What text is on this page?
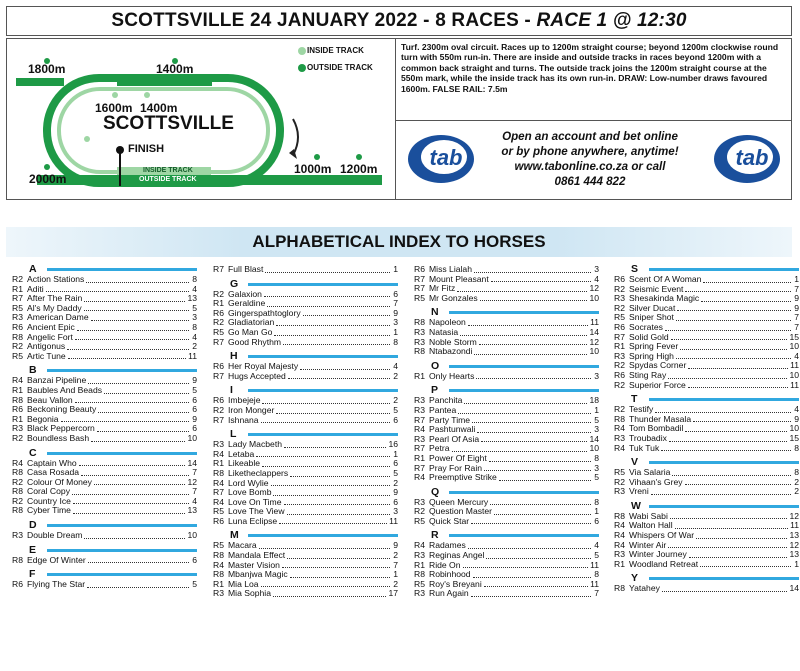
SCOTTSVILLE 24 JANUARY 2022 - 8 RACES - RACE 1 @ 12:30
1800m	1400m
1600m 1400m
1950m
2000m
1000m 1200m
INSIDE TRACK
OUTSIDE TRACK
SCOTTSVILLE
FINISH
INSIDE TRACK
OUTSIDE TRACK
Turf. 2300m oval circuit. Races up to 1200m straight course; beyond 1200m clockwise round turn with 550m run-in. There are inside and outside tracks in races beyond 1200m with a common back straight and turns. The outside track joins the 1200m straight course at the 550m mark, while the inside track has its own run-in. DRAW: Low-number draws favoured 1600m. FALSE RAIL: 7.5m
tab
Open an account and bet online
or by phone anywhere, anytime!
www.tabonline.co.za or call
0861 444 822
tab
ALPHABETICAL INDEX TO HORSES
A
R2 Action Stations	8
R1 Aditi	4
R7 After The Rain	13
R5 Al's My Daddy	5
R3 American Dame	3
R6 Ancient Epic	8
R8 Angelic Fort	4
R2 Antigonus	2
R5 Artic Tune	11
B
R4 Banzai Pipeline	9
R1 Baubles And Beads	5
R8 Beau Vallon	6
R6 Beckoning Beauty	6
R1 Begonia	9
R3 Black Peppercorn	6
R2 Boundless Bash	10
C
R4 Captain Who	14
R8 Casa Rosada	7
R2 Colour Of Money	12
R8 Coral Copy	7
R2 Country Ice	4
R8 Cyber Time	13
D
R3 Double Dream	10
E
R8 Edge Of Winter	6
F
R6 Flying The Star	5
R7 Full Blast	1
G
R2 Galaxion	6
R1 Geraldine	7
R6 Gingerspathtoglory	9
R2 Gladiatorian	3
R5 Go Man Go	1
R7 Good Rhythm	8
H
R6 Her Royal Majesty	4
R7 Hugs Accepted	2
I
R6 Imbejeje	2
R2 Iron Monger	5
R7 Ishnana	6
L
R3 Lady Macbeth	16
R4 Letaba	1
R1 Likeable	6
R8 Liketheclappers	5
R4 Lord Wylie	2
R7 Love Bomb	9
R4 Love On Time	6
R5 Love The View	3
R6 Luna Eclipse	11
M
R5 Macara	9
R8 Mandala Effect	2
R4 Master Vision	7
R8 Mbanjwa Magic	1
R1 Mia Loa	2
R3 Mia Sophia	17
R6 Miss Lialah	3
R7 Mount Pleasant	4
R7 Mr Fitz	12
R5 Mr Gonzales	10
N
R8 Napoleon	11
R3 Natasia	14
R3 Noble Storm	12
R8 Ntabazondi	10
O
R1 Only Hearts	3
P
R3 Panchita	18
R3 Pantea	1
R7 Party Time	5
R4 Pashtunwali	3
R3 Pearl Of Asia	14
R7 Petra	10
R1 Power Of Eight	8
R7 Pray For Rain	3
R4 Preemptive Strike	5
Q
R3 Queen Mercury	8
R2 Question Master	1
R5 Quick Star	6
R
R4 Radames	4
R3 Reginas Angel	5
R1 Ride On	11
R8 Robinhood	8
R5 Roy's Breyani	11
R3 Run Again	7
S
R6 Scent Of A Woman	1
R2 Seismic Event	7
R3 Shesakinda Magic	9
R2 Silver Ducat	9
R5 Sniper Shot	7
R6 Socrates	7
R7 Solid Gold	15
R1 Spring Fever	10
R3 Spring High	4
R2 Spydas Corner	11
R6 Sting Ray	10
R2 Superior Force	11
T
R2 Testify	4
R8 Thunder Masala	9
R4 Tom Bombadil	10
R3 Troubadix	15
R4 Tuk Tuk	8
V
R5 Via Salaria	8
R2 Vihaan's Grey	2
R3 Vreni	2
W
R8 Wabi Sabi	12
R4 Walton Hall	11
R4 Whispers Of War	13
R4 Winter Air	12
R3 Winter Journey	13
R1 Woodland Retreat	1
Y
R8 Yatahey	14
